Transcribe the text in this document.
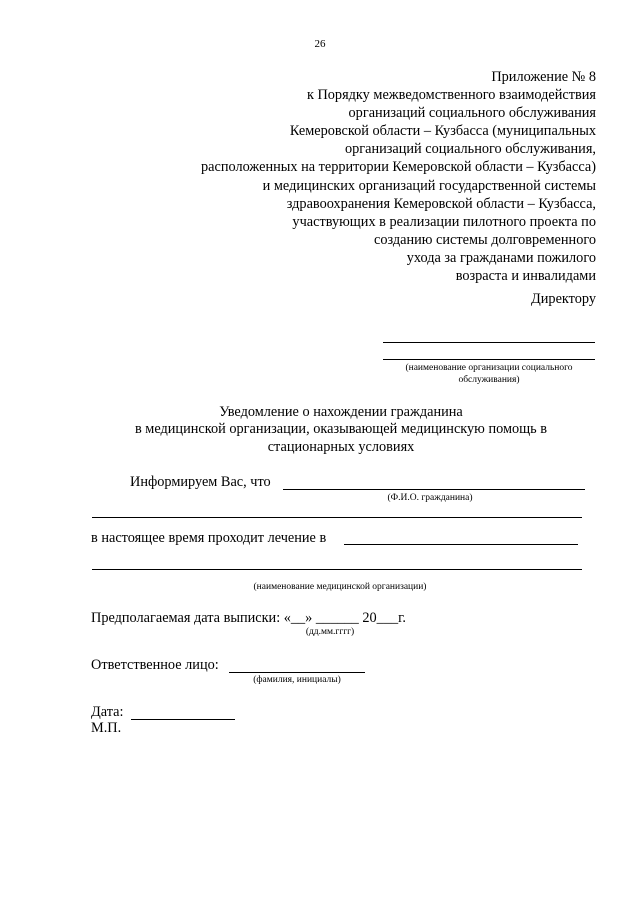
26
Приложение № 8
к Порядку межведомственного взаимодействия
организаций социального обслуживания
Кемеровской области – Кузбасса (муниципальных
организаций социального обслуживания,
расположенных на территории Кемеровской области – Кузбасса)
и медицинских организаций государственной системы
здравоохранения Кемеровской области – Кузбасса,
участвующих в реализации пилотного проекта по
созданию системы долговременного
ухода за гражданами пожилого
возраста и инвалидами
Директору
(наименование организации социального
обслуживания)
Уведомление о нахождении гражданина
в медицинской организации, оказывающей медицинскую помощь в
стационарных условиях
Информируем Вас, что
(Ф.И.О. гражданина)
в настоящее время проходит лечение в
(наименование медицинской организации)
Предполагаемая дата выписки: «__» ______ 20___г.
(дд.мм.гггг)
Ответственное лицо:
(фамилия, инициалы)
Дата:
М.П.
